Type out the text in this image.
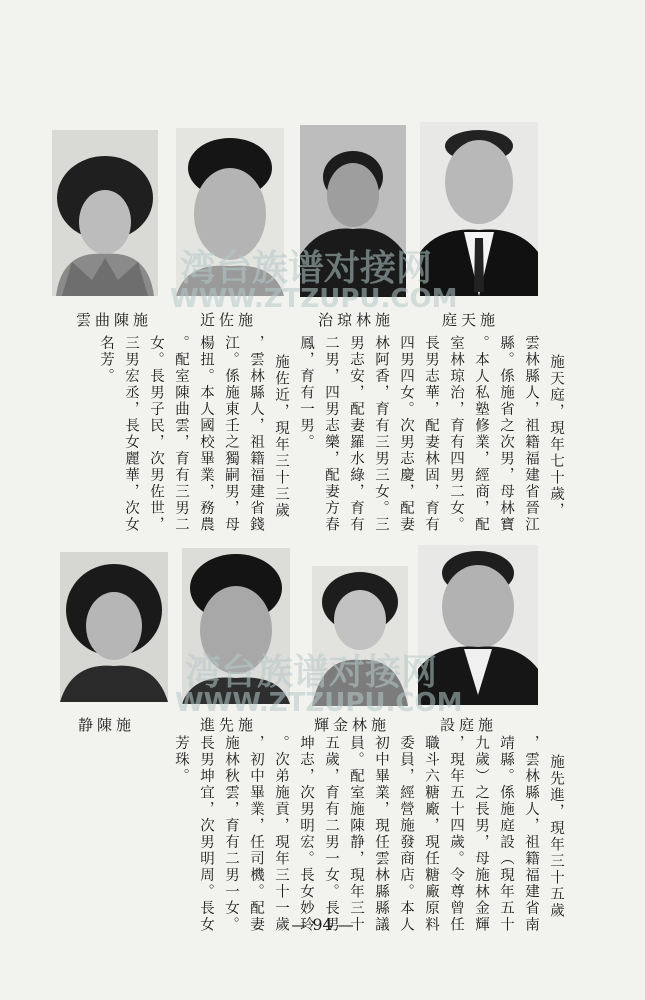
雲曲陳施	近佐施	治琼林施	庭天施
施天庭，現年七十歲，
雲林縣人，祖籍福建省晉江
縣。係施省之次男，母林寶
。本人私塾修業，經商，配
室林琼治，育有四男二女。
長男志華，配妻林固，育有
四男四女。次男志慶，配妻
林阿香，育有三男三女。三
男志安，配妻羅水綠，育有
二男，四男志樂，配妻方春
鳳，育有一男。
施佐近，現年三十三歲
，雲林縣人，祖籍福建省錢
江。係施東壬之獨嗣男，母
楊扭。本人國校畢業，務農
。配室陳曲雲，育有三男二
女。長男子民，次男佐世，
三男宏丞，長女麗華，次女
名芳。
静陳施	進先施	輝金林施	設庭施
施先進，現年三十五歲
，雲林縣人，祖籍福建省南
靖縣。係施庭設（現年五十
九歲）之長男，母施林金輝
，現年五十四歲。令尊曾任
職斗六糖廠，現任糖廠原料
委員，經營施發商店。本人
初中畢業，現任雲林縣縣議
員。配室施陳静，現年三十
五歲，育有二男一女。長男
坤志，次男明宏。長女妙玲
。次弟施貢，現年三十一歲
，初中畢業，任司機。配妻
施林秋雲，育有二男一女。
長男坤宜，次男明周。長女
芳珠。
湾台族谱对接网
WWW.ZTZUPU.COM
湾台族谱对接网
WWW.ZTZUPU.COM
— 94 —
